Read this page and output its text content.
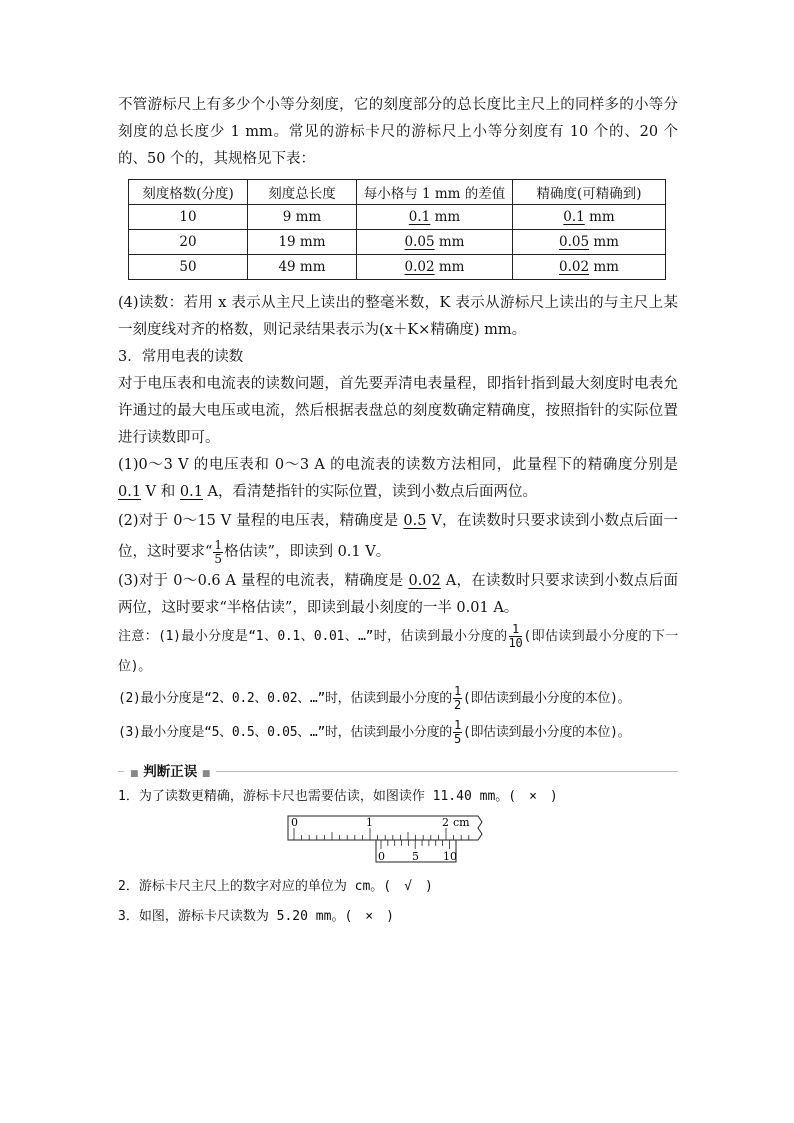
不管游标尺上有多少个小等分刻度，它的刻度部分的总长度比主尺上的同样多的小等分刻度的总长度少 1 mm。常见的游标卡尺的游标尺上小等分刻度有 10 个的、20 个的、50 个的，其规格见下表：

刻度格数(分度)	刻度总长度	每小格与 1 mm 的差值	精确度(可精确到)
10	9 mm	0.1 mm	0.1 mm
20	19 mm	0.05 mm	0.05 mm
50	49 mm	0.02 mm	0.02 mm

(4)读数：若用 x 表示从主尺上读出的整毫米数，K 表示从游标尺上读出的与主尺上某一刻度线对齐的格数，则记录结果表示为(x＋K×精确度) mm。

3．常用电表的读数

对于电压表和电流表的读数问题，首先要弄清电表量程，即指针指到最大刻度时电表允许通过的最大电压或电流，然后根据表盘总的刻度数确定精确度，按照指针的实际位置进行读数即可。

(1)0～3 V 的电压表和 0～3 A 的电流表的读数方法相同，此量程下的精确度分别是 0.1 V 和 0.1 A，看清楚指针的实际位置，读到小数点后面两位。

(2)对于 0～15 V 量程的电压表，精确度是 0.5 V，在读数时只要求读到小数点后面一位，这时要求“ $\frac{1}{5}$ 格估读”，即读到 0.1 V。

(3)对于 0～0.6 A 量程的电流表，精确度是 0.02 A，在读数时只要求读到小数点后面两位，这时要求“半格估读”，即读到最小刻度的一半 0.01 A。

注意：(1)最小分度是“1、0.1、0.01、…”时，估读到最小分度的 $\frac{1}{10}$ (即估读到最小分度的下一位)。

(2)最小分度是“2、0.2、0.02、…”时，估读到最小分度的 $\frac{1}{2}$ (即估读到最小分度的本位)。

(3)最小分度是“5、0.5、0.05、…”时，估读到最小分度的 $\frac{1}{5}$ (即估读到最小分度的本位)。

■ 判断正误 ■

1．为了读数更精确，游标卡尺也需要估读，如图读作 11.40 mm。(　×　)

0	1	2 cm
0 5 10

2．游标卡尺主尺上的数字对应的单位为 cm。(　√　)

3．如图，游标卡尺读数为 5.20 mm。(　×　)
